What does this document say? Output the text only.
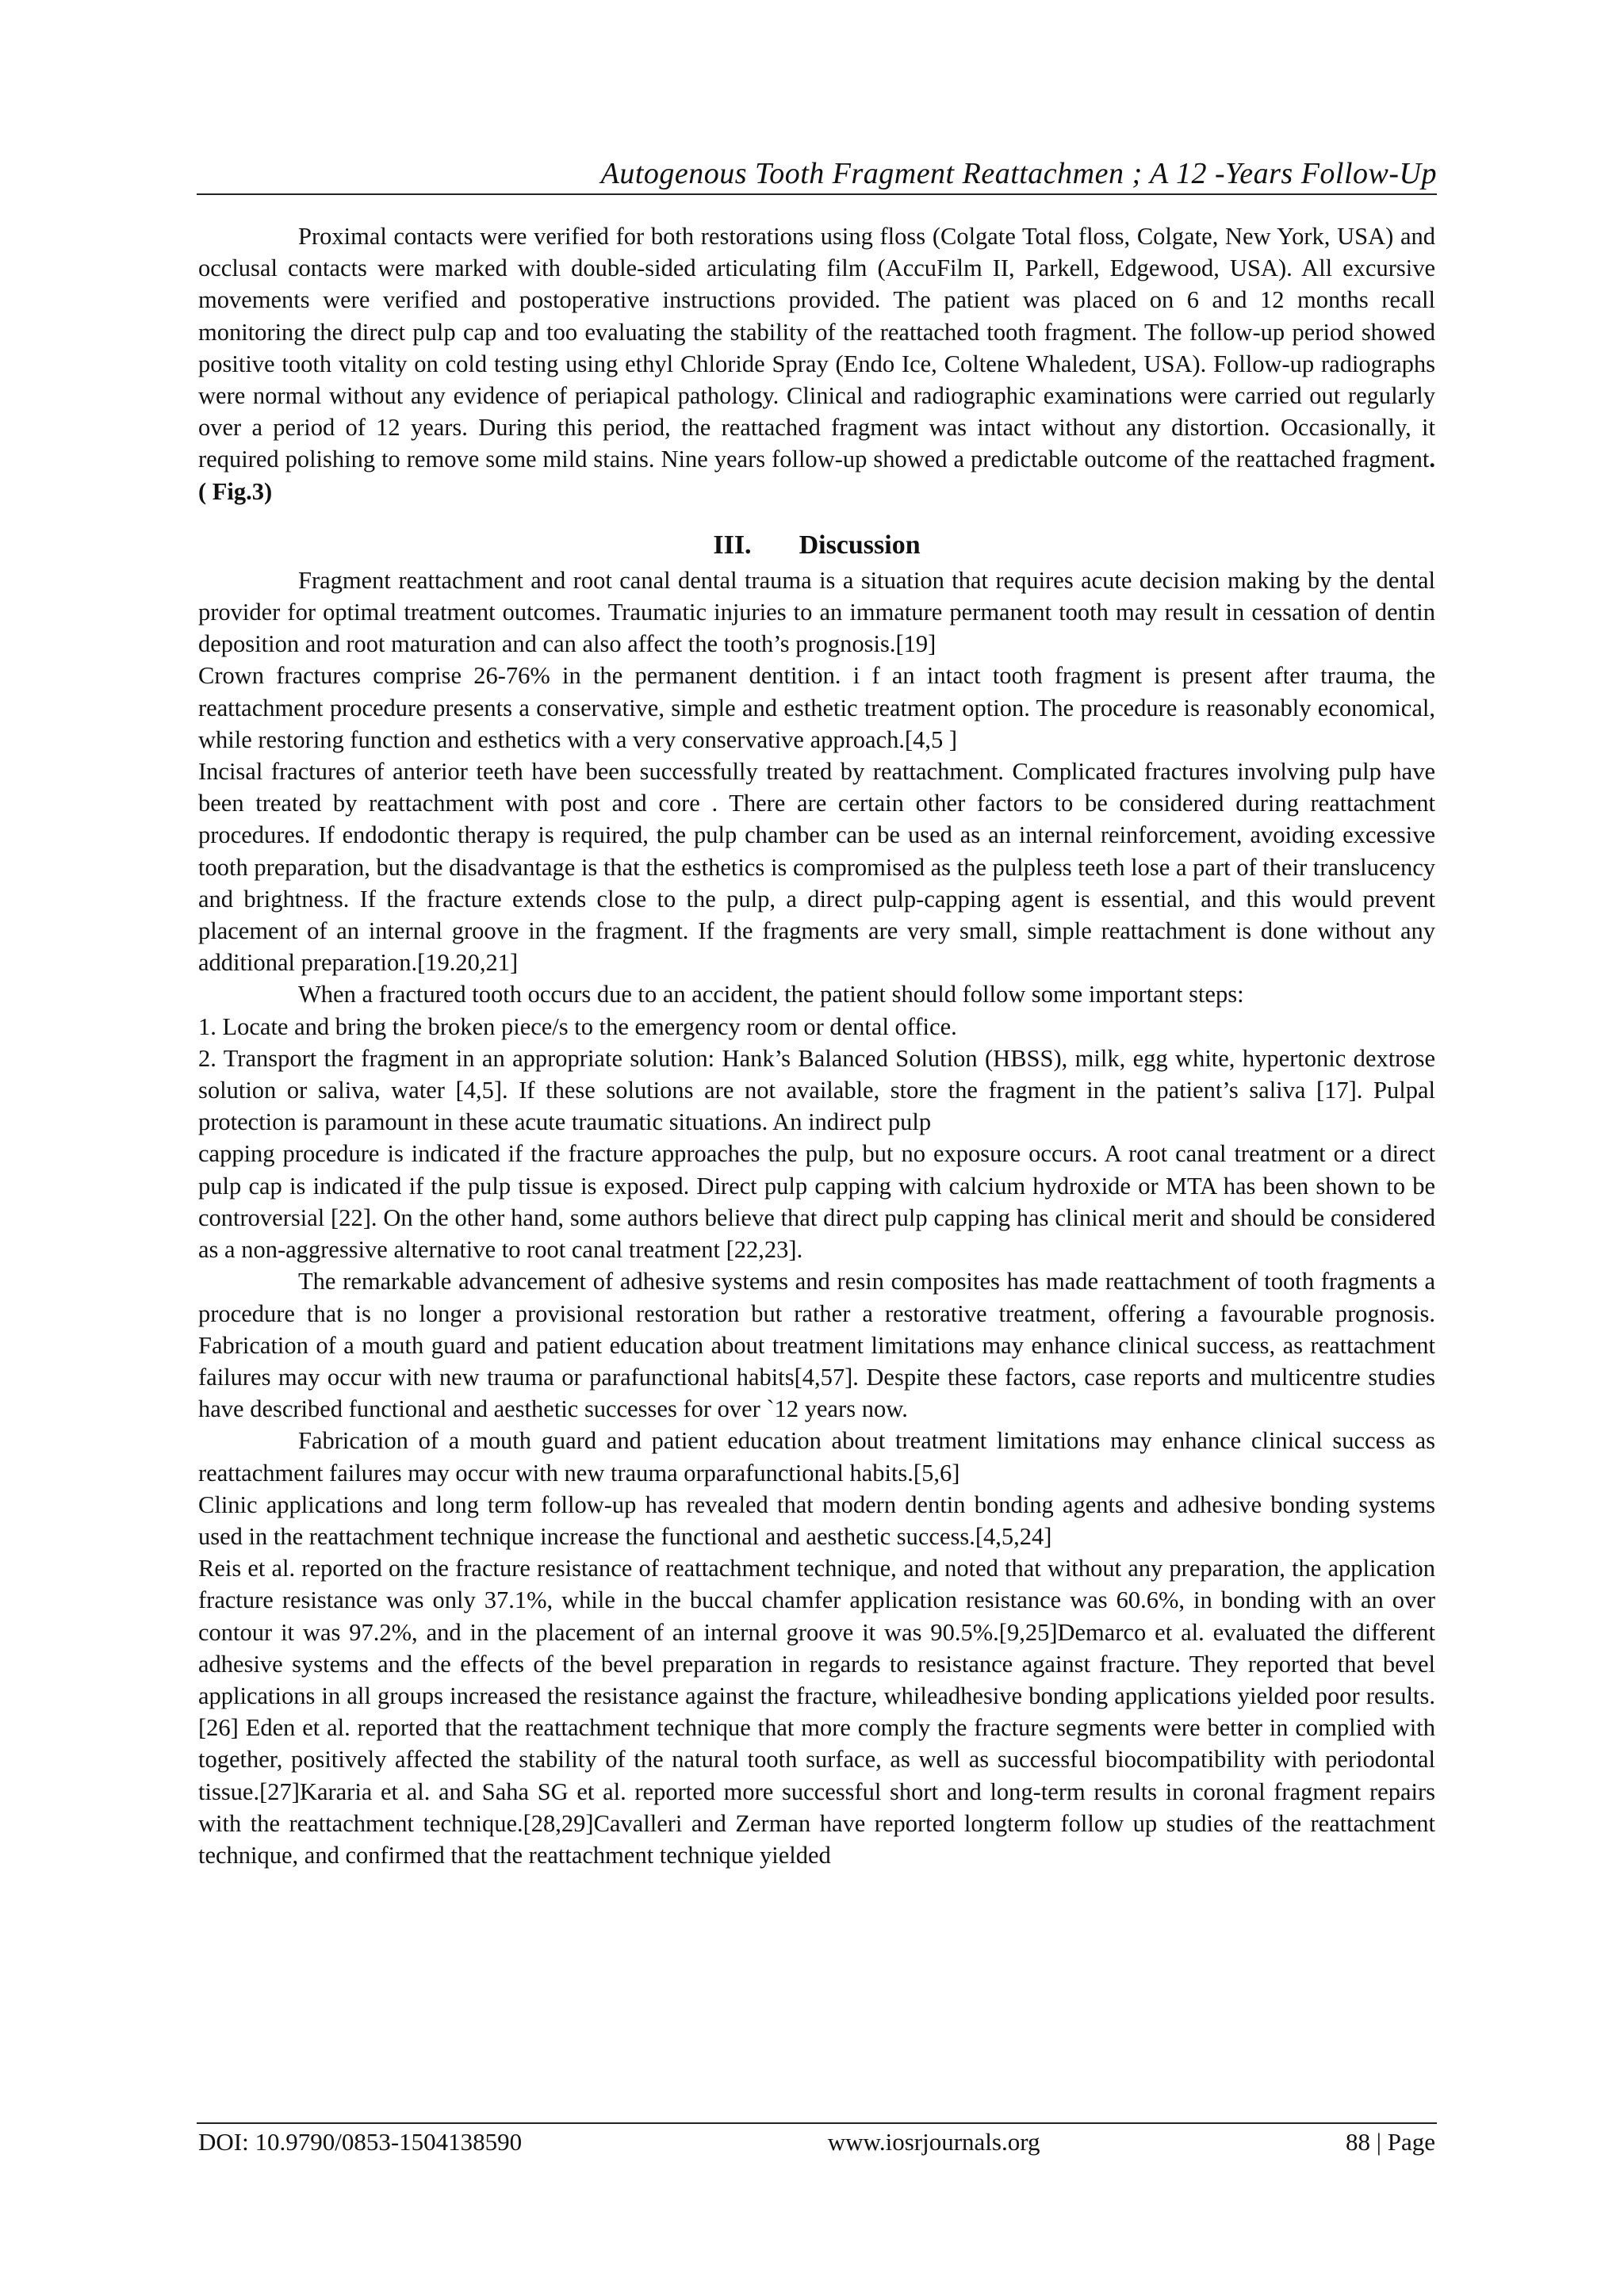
Autogenous Tooth Fragment Reattachmen ; A 12 -Years Follow-Up

Proximal contacts were verified for both restorations using floss (Colgate Total floss, Colgate, New York, USA) and occlusal contacts were marked with double-sided articulating film (AccuFilm II, Parkell, Edgewood, USA). All excursive movements were verified and postoperative instructions provided. The patient was placed on 6 and 12 months recall monitoring the direct pulp cap and too evaluating the stability of the reattached tooth fragment. The follow-up period showed positive tooth vitality on cold testing using ethyl Chloride Spray (Endo Ice, Coltene Whaledent, USA). Follow-up radiographs were normal without any evidence of periapical pathology. Clinical and radiographic examinations were carried out regularly over a period of 12 years. During this period, the reattached fragment was intact without any distortion. Occasionally, it required polishing to remove some mild stains. Nine years follow-up showed a predictable outcome of the reattached fragment.( Fig.3)

III. Discussion

Fragment reattachment and root canal dental trauma is a situation that requires acute decision making by the dental provider for optimal treatment outcomes. Traumatic injuries to an immature permanent tooth may result in cessation of dentin deposition and root maturation and can also affect the tooth’s prognosis.[19]

Crown fractures comprise 26-76% in the permanent dentition. i f an intact tooth fragment is present after trauma, the reattachment procedure presents a conservative, simple and esthetic treatment option. The procedure is reasonably economical, while restoring function and esthetics with a very conservative approach.[4,5 ]

Incisal fractures of anterior teeth have been successfully treated by reattachment. Complicated fractures involving pulp have been treated by reattachment with post and core . There are certain other factors to be considered during reattachment procedures. If endodontic therapy is required, the pulp chamber can be used as an internal reinforcement, avoiding excessive tooth preparation, but the disadvantage is that the esthetics is compromised as the pulpless teeth lose a part of their translucency and brightness. If the fracture extends close to the pulp, a direct pulp-capping agent is essential, and this would prevent placement of an internal groove in the fragment. If the fragments are very small, simple reattachment is done without any additional preparation.[19.20,21]

When a fractured tooth occurs due to an accident, the patient should follow some important steps:

1. Locate and bring the broken piece/s to the emergency room or dental office.

2. Transport the fragment in an appropriate solution: Hank’s Balanced Solution (HBSS), milk, egg white, hypertonic dextrose solution or saliva, water [4,5]. If these solutions are not available, store the fragment in the patient’s saliva [17]. Pulpal protection is paramount in these acute traumatic situations. An indirect pulp

capping procedure is indicated if the fracture approaches the pulp, but no exposure occurs. A root canal treatment or a direct pulp cap is indicated if the pulp tissue is exposed. Direct pulp capping with calcium hydroxide or MTA has been shown to be controversial [22]. On the other hand, some authors believe that direct pulp capping has clinical merit and should be considered as a non-aggressive alternative to root canal treatment [22,23].

The remarkable advancement of adhesive systems and resin composites has made reattachment of tooth fragments a procedure that is no longer a provisional restoration but rather a restorative treatment, offering a favourable prognosis. Fabrication of a mouth guard and patient education about treatment limitations may enhance clinical success, as reattachment failures may occur with new trauma or parafunctional habits[4,57]. Despite these factors, case reports and multicentre studies have described functional and aesthetic successes for over `12 years now.

Fabrication of a mouth guard and patient education about treatment limitations may enhance clinical success as reattachment failures may occur with new trauma orparafunctional habits.[5,6]

Clinic applications and long term follow-up has revealed that modern dentin bonding agents and adhesive bonding systems used in the reattachment technique increase the functional and aesthetic success.[4,5,24]

Reis et al. reported on the fracture resistance of reattachment technique, and noted that without any preparation, the application fracture resistance was only 37.1%, while in the buccal chamfer application resistance was 60.6%, in bonding with an over contour it was 97.2%, and in the placement of an internal groove it was 90.5%.[9,25]Demarco et al. evaluated the different adhesive systems and the effects of the bevel preparation in regards to resistance against fracture. They reported that bevel applications in all groups increased the resistance against the fracture, whileadhesive bonding applications yielded poor results.[26] Eden et al. reported that the reattachment technique that more comply the fracture segments were better in complied with together, positively affected the stability of the natural tooth surface, as well as successful biocompatibility with periodontal tissue.[27]Kararia et al. and Saha SG et al. reported more successful short and long-term results in coronal fragment repairs with the reattachment technique.[28,29]Cavalleri and Zerman have reported longterm follow up studies of the reattachment technique, and confirmed that the reattachment technique yielded

DOI: 10.9790/0853-1504138590	www.iosrjournals.org	88 | Page
